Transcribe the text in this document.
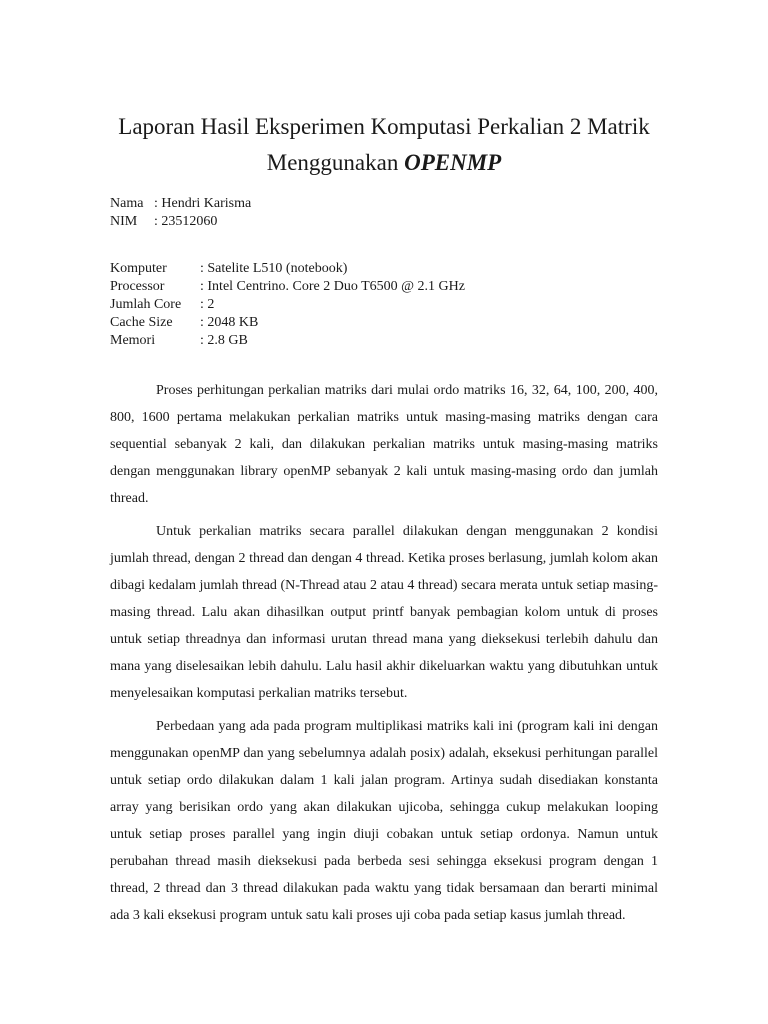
Laporan Hasil Eksperimen Komputasi Perkalian 2 Matrik
Menggunakan OPENMP
Nama : Hendri Karisma
NIM	: 23512060
Komputer	: Satelite L510 (notebook)
Processor	: Intel Centrino. Core 2 Duo T6500 @ 2.1 GHz
Jumlah Core	: 2
Cache Size	: 2048 KB
Memori	: 2.8 GB

Proses perhitungan perkalian matriks dari mulai ordo matriks 16, 32, 64, 100, 200, 400, 800, 1600 pertama melakukan perkalian matriks untuk masing-masing matriks dengan cara sequential sebanyak 2 kali, dan dilakukan perkalian matriks untuk masing-masing matriks dengan menggunakan library openMP sebanyak 2 kali untuk masing-masing ordo dan jumlah thread.

Untuk perkalian matriks secara parallel dilakukan dengan menggunakan 2 kondisi jumlah thread, dengan 2 thread dan dengan 4 thread. Ketika proses berlasung, jumlah kolom akan dibagi kedalam jumlah thread (N-Thread atau 2 atau 4 thread) secara merata untuk setiap masing-masing thread. Lalu akan dihasilkan output printf banyak pembagian kolom untuk di proses untuk setiap threadnya dan informasi urutan thread mana yang dieksekusi terlebih dahulu dan mana yang diselesaikan lebih dahulu. Lalu hasil akhir dikeluarkan waktu yang dibutuhkan untuk menyelesaikan komputasi perkalian matriks tersebut.

Perbedaan yang ada pada program multiplikasi matriks kali ini (program kali ini dengan menggunakan openMP dan yang sebelumnya adalah posix) adalah, eksekusi perhitungan parallel untuk setiap ordo dilakukan dalam 1 kali jalan program. Artinya sudah disediakan konstanta array yang berisikan ordo yang akan dilakukan ujicoba, sehingga cukup melakukan looping untuk setiap proses parallel yang ingin diuji cobakan untuk setiap ordonya. Namun untuk perubahan thread masih dieksekusi pada berbeda sesi sehingga eksekusi program dengan 1 thread, 2 thread dan 3 thread dilakukan pada waktu yang tidak bersamaan dan berarti minimal ada 3 kali eksekusi program untuk satu kali proses uji coba pada setiap kasus jumlah thread.
